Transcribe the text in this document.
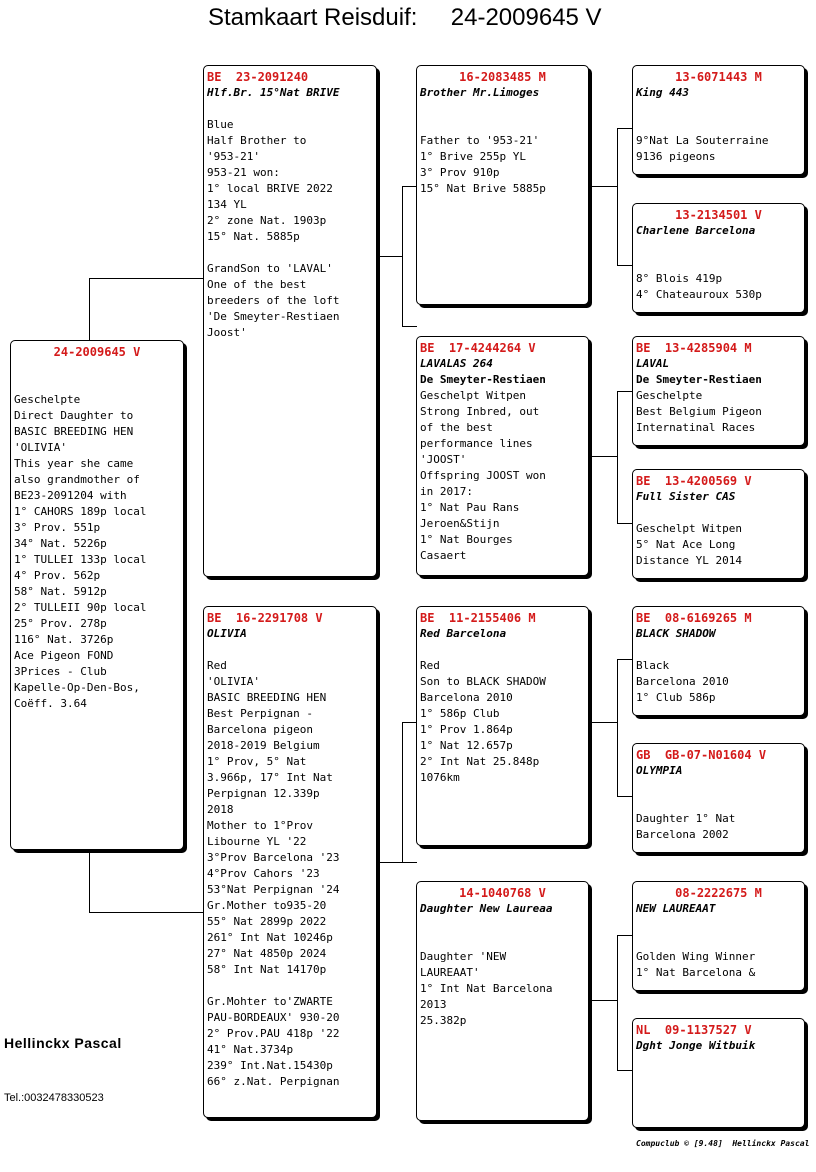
Stamkaart Reisduif: 24-2009645 V
24-2009645 V

Geschelpte
Direct Daughter to
BASIC BREEDING HEN
'OLIVIA'
This year she came
also grandmother of
BE23-2091204 with
1° CAHORS 189p local
3° Prov. 551p
34° Nat. 5226p
1° TULLEI 133p local
4° Prov. 562p
58° Nat. 5912p
2° TULLEII 90p local
25° Prov. 278p
116° Nat. 3726p
Ace Pigeon FOND
3Prices - Club
Kapelle-Op-Den-Bos,
Coëff. 3.64
BE  23-2091240
Hlf.Br. 15°Nat BRIVE

Blue
Half Brother to
'953-21'
953-21 won:
1° local BRIVE 2022
134 YL
2° zone Nat. 1903p
15° Nat. 5885p

GrandSon to 'LAVAL'
One of the best
breeders of the loft
'De Smeyter-Restiaen
Joost'
BE  16-2291708 V
OLIVIA

Red
'OLIVIA'
BASIC BREEDING HEN
Best Perpignan -
Barcelona pigeon
2018-2019 Belgium
1° Prov, 5° Nat
3.966p, 17° Int Nat
Perpignan 12.339p
2018
Mother to 1°Prov
Libourne YL '22
3°Prov Barcelona '23
4°Prov Cahors '23
53°Nat Perpignan '24
Gr.Mother to935-20
55° Nat 2899p 2022
261° Int Nat 10246p
27° Nat 4850p 2024
58° Int Nat 14170p

Gr.Mohter to'ZWARTE
PAU-BORDEAUX' 930-20
2° Prov.PAU 418p '22
41° Nat.3734p
239° Int.Nat.15430p
66° z.Nat. Perpignan
16-2083485 M
Brother Mr.Limoges

Father to '953-21'
1° Brive 255p YL
3° Prov 910p
15° Nat Brive 5885p
BE  17-4244264 V
LAVALAS 264
De Smeyter-Restiaen
Geschelpt Witpen
Strong Inbred, out
of the best
performance lines
'JOOST'
Offspring JOOST won
in 2017:
1° Nat Pau Rans
Jeroen&Stijn
1° Nat Bourges
Casaert
BE  11-2155406 M
Red Barcelona

Red
Son to BLACK SHADOW
Barcelona 2010
1° 586p Club
1° Prov 1.864p
1° Nat 12.657p
2° Int Nat 25.848p
1076km
14-1040768 V
Daughter New Laureaa

Daughter 'NEW
LAUREAAT'
1° Int Nat Barcelona
2013
25.382p
13-6071443 M
King 443

9°Nat La Souterraine
9136 pigeons
13-2134501 V
Charlene Barcelona

8° Blois 419p
4° Chateauroux 530p
BE  13-4285904 M
LAVAL
De Smeyter-Restiaen
Geschelpte
Best Belgium Pigeon
Internatinal Races
BE  13-4200569 V
Full Sister CAS

Geschelpt Witpen
5° Nat Ace Long
Distance YL 2014
BE  08-6169265 M
BLACK SHADOW

Black
Barcelona 2010
1° Club 586p
GB  GB-07-N01604 V
OLYMPIA

Daughter 1° Nat
Barcelona 2002
08-2222675 M
NEW LAUREAAT

Golden Wing Winner
1° Nat Barcelona &
NL  09-1137527 V
Dght Jonge Witbuik
Hellinckx Pascal
Tel.:0032478330523
Compuclub © [9.48]  Hellinckx Pascal
